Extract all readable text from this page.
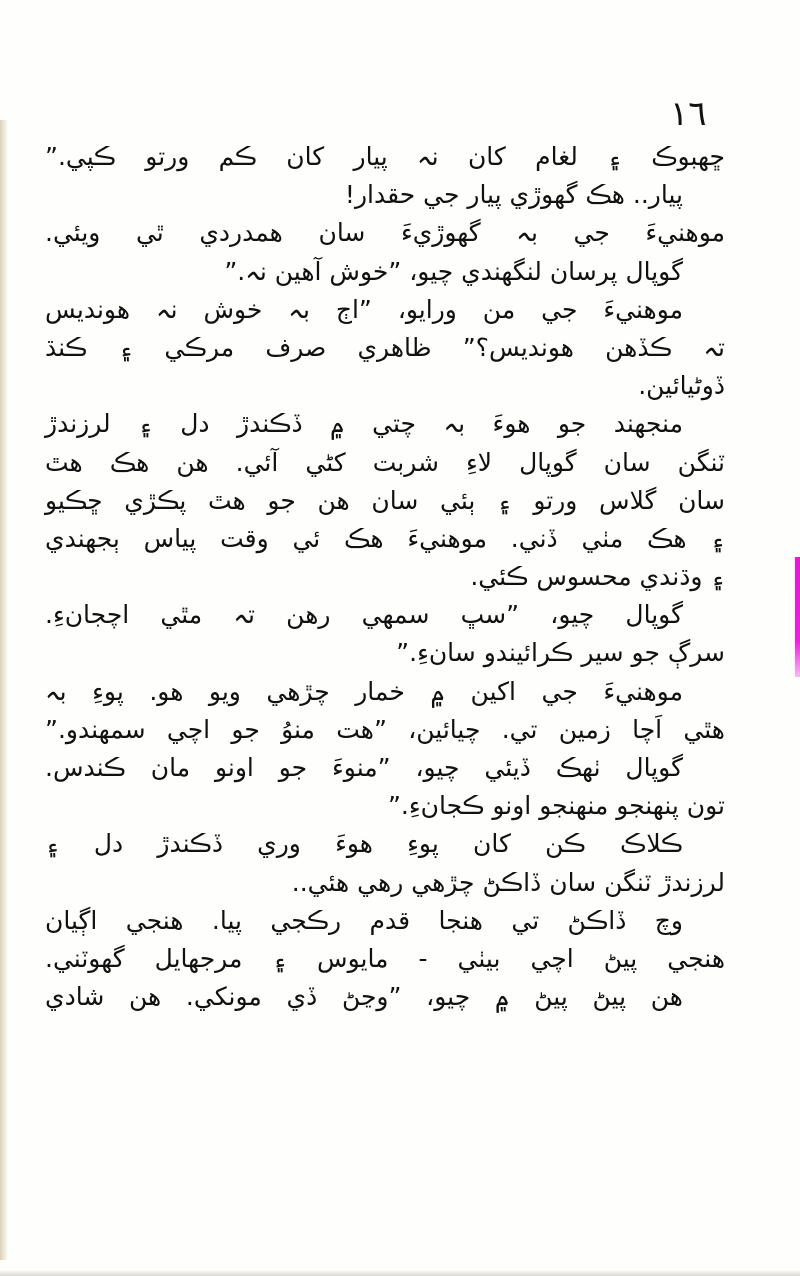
١٦
ڇهبوڪ ۽ لغام کان نہ پيار کان ڪم ورتو ڪپي.”
پيار.. هڪ گهوڙي پيار جي حقدار!
موهنيءَ جي بہ گهوڙيءَ سان همدردي ٿي ويئي.
گوپال پرسان لنگهندي چيو، ”خوش آهين نہ.”
موهنيءَ جي من ورايو، ”اڄ بہ خوش نہ هونديس
تہ ڪڏهن هونديس؟” ظاهري صرف مرڪي ۽ ڪنڌ
ڏوڻيائين.
منجهند جو هوءَ بہ چتي ۾ ڏڪندڙ دل ۽ لرزندڙ
ٽنگن سان گوپال لاءِ شربت کڻي آئي. هن هڪ هٿ
سان گلاس ورتو ۽ ٻئي سان هن جو هٿ پڪڙي ڇڪيو
۽ هڪ مٺي ڏني. موهنيءَ هڪ ئي وقت پياس ٻجهندي
۽ وڌندي محسوس ڪئي.
گوپال چيو، ”سڀ سمهي رهن تہ مٿي اچجانءِ.
سرڳ جو سير ڪرائيندو سانءِ.”
موهنيءَ جي اکين ۾ خمار چڙهي ويو هو. پوءِ بہ
هٿي اَچا زمين تي. چيائين، ”هت منوُ جو اچي سمهندو.”
گوپال ٺهڪ ڏيئي چيو، ”منوءَ جو اونو مان ڪندس.
تون پنهنجو منهنجو اونو ڪجانءِ.”
ڪلاڪ ڪن کان پوءِ هوءَ وري ڏڪندڙ دل ۽
لرزندڙ ٽنگن سان ڏاڪڻ چڙهي رهي هئي..
وچ ڏاڪڻ تي هنجا قدم رڪجي پيا. هنجي اڳيان
هنجي پيڻ اچي بيٺي - مايوس ۽ مرجهايل گهوٽني.
هن پيڻ پيڻ ۾ چيو، ”وڃڻ ڏي مونکي. هن شادي
